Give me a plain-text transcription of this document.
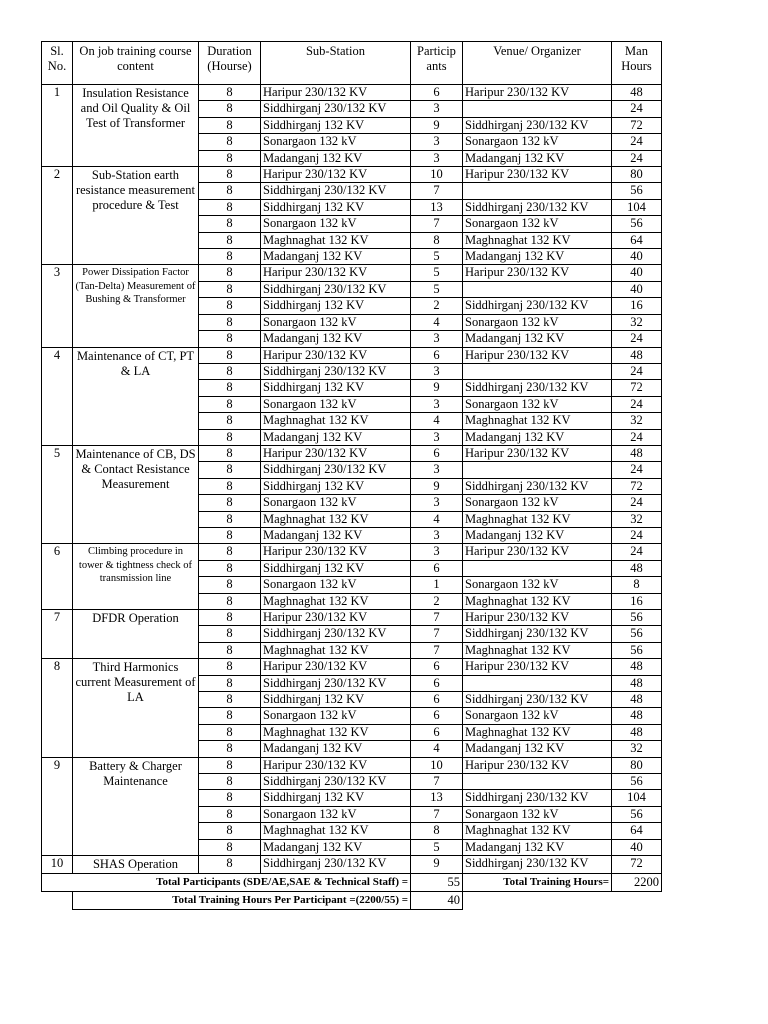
Sl. No.	On job training course content	Duration (Hourse)	Sub-Station	Particip ants	Venue/ Organizer	Man Hours
1	Insulation Resistance and Oil Quality & Oil Test of Transformer	8	Haripur 230/132 KV	6	Haripur 230/132 KV	48
		8	Siddhirganj 230/132 KV	3		24
		8	Siddhirganj 132 KV	9	Siddhirganj 230/132 KV	72
		8	Sonargaon 132 kV	3	Sonargaon 132 kV	24
		8	Madanganj 132 KV	3	Madanganj 132 KV	24
2	Sub-Station earth resistance measurement procedure & Test	8	Haripur 230/132 KV	10	Haripur 230/132 KV	80
		8	Siddhirganj 230/132 KV	7		56
		8	Siddhirganj 132 KV	13	Siddhirganj 230/132 KV	104
		8	Sonargaon 132 kV	7	Sonargaon 132 kV	56
		8	Maghnaghat 132 KV	8	Maghnaghat 132 KV	64
		8	Madanganj 132 KV	5	Madanganj 132 KV	40
3	Power Dissipation Factor (Tan-Delta) Measurement of Bushing & Transformer	8	Haripur 230/132 KV	5	Haripur 230/132 KV	40
		8	Siddhirganj 230/132 KV	5		40
		8	Siddhirganj 132 KV	2	Siddhirganj 230/132 KV	16
		8	Sonargaon 132 kV	4	Sonargaon 132 kV	32
		8	Madanganj 132 KV	3	Madanganj 132 KV	24
4	Maintenance of CT, PT & LA	8	Haripur 230/132 KV	6	Haripur 230/132 KV	48
		8	Siddhirganj 230/132 KV	3		24
		8	Siddhirganj 132 KV	9	Siddhirganj 230/132 KV	72
		8	Sonargaon 132 kV	3	Sonargaon 132 kV	24
		8	Maghnaghat 132 KV	4	Maghnaghat 132 KV	32
		8	Madanganj 132 KV	3	Madanganj 132 KV	24
5	Maintenance of CB, DS & Contact Resistance Measurement	8	Haripur 230/132 KV	6	Haripur 230/132 KV	48
		8	Siddhirganj 230/132 KV	3		24
		8	Siddhirganj 132 KV	9	Siddhirganj 230/132 KV	72
		8	Sonargaon 132 kV	3	Sonargaon 132 kV	24
		8	Maghnaghat 132 KV	4	Maghnaghat 132 KV	32
		8	Madanganj 132 KV	3	Madanganj 132 KV	24
6	Climbing procedure in tower & tightness check of transmission line	8	Haripur 230/132 KV	3	Haripur 230/132 KV	24
		8	Siddhirganj 132 KV	6		48
		8	Sonargaon 132 kV	1	Sonargaon 132 kV	8
		8	Maghnaghat 132 KV	2	Maghnaghat 132 KV	16
7	DFDR Operation	8	Haripur 230/132 KV	7	Haripur 230/132 KV	56
		8	Siddhirganj 230/132 KV	7	Siddhirganj 230/132 KV	56
		8	Maghnaghat 132 KV	7	Maghnaghat 132 KV	56
8	Third Harmonics current Measurement of LA	8	Haripur 230/132 KV	6	Haripur 230/132 KV	48
		8	Siddhirganj 230/132 KV	6		48
		8	Siddhirganj 132 KV	6	Siddhirganj 230/132 KV	48
		8	Sonargaon 132 kV	6	Sonargaon 132 kV	48
		8	Maghnaghat 132 KV	6	Maghnaghat 132 KV	48
		8	Madanganj 132 KV	4	Madanganj 132 KV	32
9	Battery & Charger Maintenance	8	Haripur 230/132 KV	10	Haripur 230/132 KV	80
		8	Siddhirganj 230/132 KV	7		56
		8	Siddhirganj 132 KV	13	Siddhirganj 230/132 KV	104
		8	Sonargaon 132 kV	7	Sonargaon 132 kV	56
		8	Maghnaghat 132 KV	8	Maghnaghat 132 KV	64
		8	Madanganj 132 KV	5	Madanganj 132 KV	40
10	SHAS Operation	8	Siddhirganj 230/132 KV	9	Siddhirganj 230/132 KV	72
Total Participants (SDE/AE,SAE & Technical Staff) =				55	Total Training Hours=	2200
	Total Training Hours Per Participant =(2200/55) =			40		
